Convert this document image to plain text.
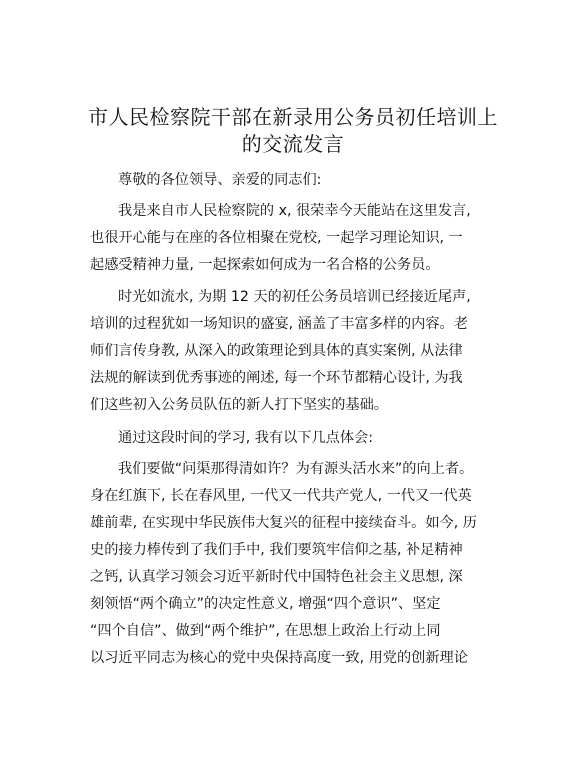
市人民检察院干部在新录用公务员初任培训上
的交流发言
尊敬的各位领导、亲爱的同志们:
我是来自市人民检察院的 x, 很荣幸今天能站在这里发言,
也很开心能与在座的各位相聚在党校, 一起学习理论知识, 一
起感受精神力量, 一起探索如何成为一名合格的公务员。
时光如流水, 为期 12 天的初任公务员培训已经接近尾声,
培训的过程犹如一场知识的盛宴, 涵盖了丰富多样的内容。老
师们言传身教, 从深入的政策理论到具体的真实案例, 从法律
法规的解读到优秀事迹的阐述, 每一个环节都精心设计, 为我
们这些初入公务员队伍的新人打下坚实的基础。
通过这段时间的学习, 我有以下几点体会:
我们要做“问渠那得清如许？为有源头活水来”的向上者。
身在红旗下, 长在春风里, 一代又一代共产党人, 一代又一代英
雄前辈, 在实现中华民族伟大复兴的征程中接续奋斗。如今, 历
史的接力棒传到了我们手中, 我们要筑牢信仰之基, 补足精神
之钙, 认真学习领会习近平新时代中国特色社会主义思想, 深
刻领悟“两个确立”的决定性意义, 增强“四个意识”、坚定
“四个自信”、做到“两个维护”, 在思想上政治上行动上同
以习近平同志为核心的党中央保持高度一致, 用党的创新理论
